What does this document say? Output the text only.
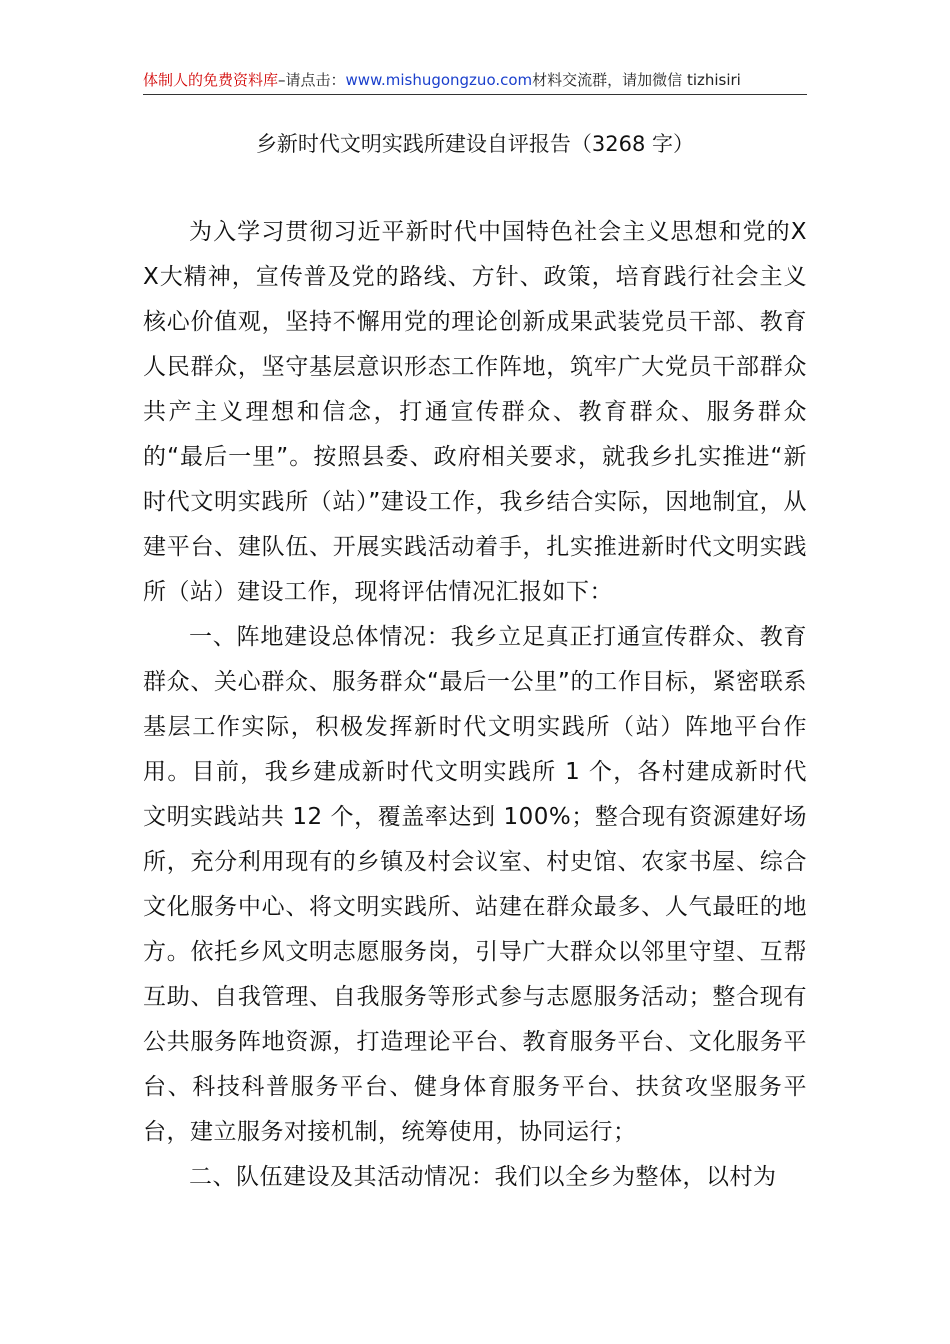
体制人的免费资料库–请点击：www.mishugongzuo.com材料交流群，请加微信 tizhisiri
乡新时代文明实践所建设自评报告（3268 字）

为入学习贯彻习近平新时代中国特色社会主义思想和党的XX大精神，宣传普及党的路线、方针、政策，培育践行社会主义核心价值观，坚持不懈用党的理论创新成果武装党员干部、教育人民群众，坚守基层意识形态工作阵地，筑牢广大党员干部群众共产主义理想和信念，打通宣传群众、教育群众、服务群众的“最后一里”。按照县委、政府相关要求，就我乡扎实推进“新时代文明实践所（站）”建设工作，我乡结合实际，因地制宜，从建平台、建队伍、开展实践活动着手，扎实推进新时代文明实践所（站）建设工作，现将评估情况汇报如下：

一、阵地建设总体情况：我乡立足真正打通宣传群众、教育群众、关心群众、服务群众“最后一公里”的工作目标，紧密联系基层工作实际，积极发挥新时代文明实践所（站）阵地平台作用。目前，我乡建成新时代文明实践所 1 个，各村建成新时代文明实践站共 12 个，覆盖率达到 100%；整合现有资源建好场所，充分利用现有的乡镇及村会议室、村史馆、农家书屋、综合文化服务中心、将文明实践所、站建在群众最多、人气最旺的地方。依托乡风文明志愿服务岗，引导广大群众以邻里守望、互帮互助、自我管理、自我服务等形式参与志愿服务活动；整合现有公共服务阵地资源，打造理论平台、教育服务平台、文化服务平台、科技科普服务平台、健身体育服务平台、扶贫攻坚服务平台，建立服务对接机制，统筹使用，协同运行；

二、队伍建设及其活动情况：我们以全乡为整体，以村为
